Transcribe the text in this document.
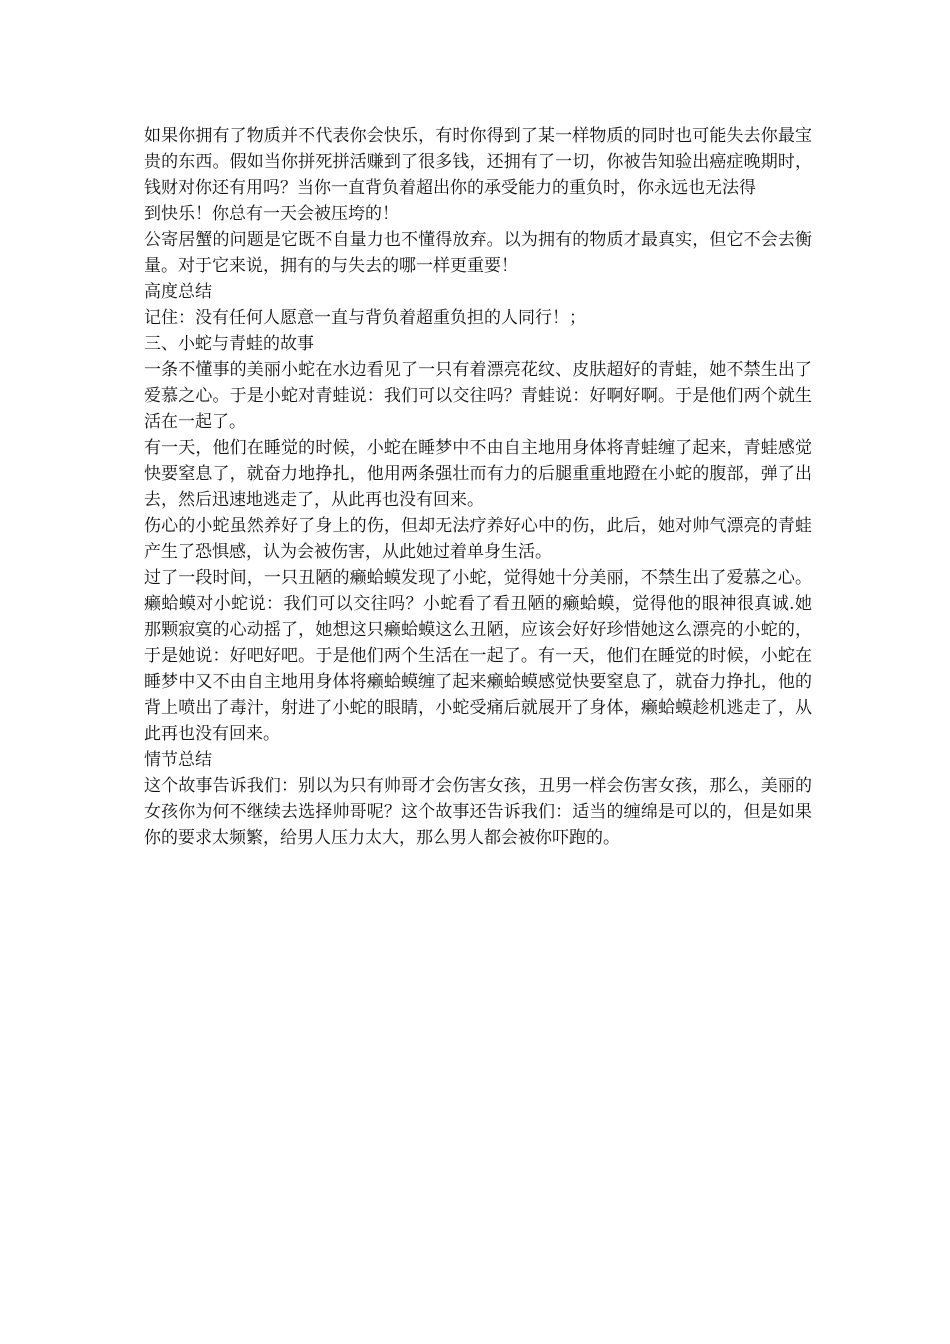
如果你拥有了物质并不代表你会快乐，有时你得到了某一样物质的同时也可能失去你最宝贵的东西。假如当你拼死拼活赚到了很多钱，还拥有了一切，你被告知验出癌症晚期时，钱财对你还有用吗？当你一直背负着超出你的承受能力的重负时，你永远也无法得

到快乐！你总有一天会被压垮的！

公寄居蟹的问题是它既不自量力也不懂得放弃。以为拥有的物质才最真实，但它不会去衡量。对于它来说，拥有的与失去的哪一样更重要！

高度总结

记住：没有任何人愿意一直与背负着超重负担的人同行！；

三、小蛇与青蛙的故事

一条不懂事的美丽小蛇在水边看见了一只有着漂亮花纹、皮肤超好的青蛙，她不禁生出了爱慕之心。于是小蛇对青蛙说：我们可以交往吗？青蛙说：好啊好啊。于是他们两个就生活在一起了。

有一天，他们在睡觉的时候，小蛇在睡梦中不由自主地用身体将青蛙缠了起来，青蛙感觉快要窒息了，就奋力地挣扎，他用两条强壮而有力的后腿重重地蹬在小蛇的腹部，弹了出去，然后迅速地逃走了，从此再也没有回来。

伤心的小蛇虽然养好了身上的伤，但却无法疗养好心中的伤，此后，她对帅气漂亮的青蛙产生了恐惧感，认为会被伤害，从此她过着单身生活。

过了一段时间，一只丑陋的癞蛤蟆发现了小蛇，觉得她十分美丽，不禁生出了爱慕之心。癞蛤蟆对小蛇说：我们可以交往吗？小蛇看了看丑陋的癞蛤蟆，觉得他的眼神很真诚.她那颗寂寞的心动摇了，她想这只癞蛤蟆这么丑陋，应该会好好珍惜她这么漂亮的小蛇的，于是她说：好吧好吧。于是他们两个生活在一起了。有一天，他们在睡觉的时候，小蛇在睡梦中又不由自主地用身体将癞蛤蟆缠了起来癞蛤蟆感觉快要窒息了，就奋力挣扎，他的背上喷出了毒汁，射进了小蛇的眼睛，小蛇受痛后就展开了身体，癞蛤蟆趁机逃走了，从此再也没有回来。

情节总结

这个故事告诉我们：别以为只有帅哥才会伤害女孩，丑男一样会伤害女孩，那么，美丽的女孩你为何不继续去选择帅哥呢？这个故事还告诉我们：适当的缠绵是可以的，但是如果你的要求太频繁，给男人压力太大，那么男人都会被你吓跑的。
